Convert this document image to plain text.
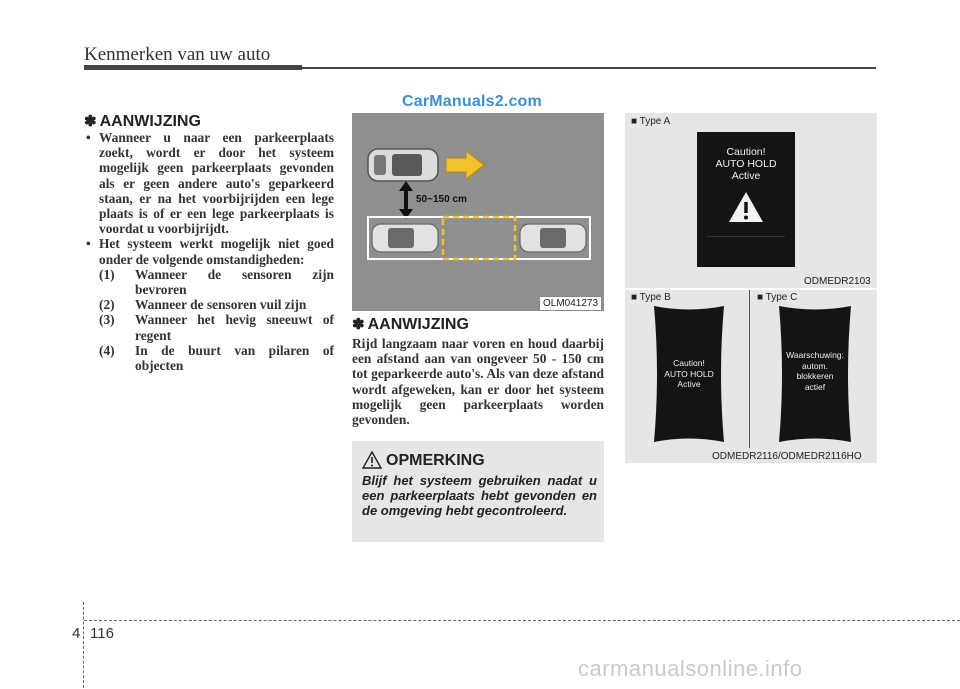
Kenmerken van uw auto
CarManuals2.com
✽ AANWIJZING
• Wanneer u naar een parkeerplaats zoekt, wordt er door het systeem mogelijk geen parkeerplaats gevonden als er geen andere auto's geparkeerd staan, er na het voorbijrijden een lege plaats is of er een lege parkeerplaats is voordat u voorbijrijdt.
• Het systeem werkt mogelijk niet goed onder de volgende omstandigheden:
(1) Wanneer de sensoren zijn bevroren
(2) Wanneer de sensoren vuil zijn
(3) Wanneer het hevig sneeuwt of regent
(4) In de buurt van pilaren of objecten
50~150 cm
OLM041273
✽ AANWIJZING
Rijd langzaam naar voren en houd daarbij een afstand aan van ongeveer 50 - 150 cm tot geparkeerde auto's. Als van deze afstand wordt afgeweken, kan er door het systeem mogelijk geen parkeerplaats worden gevonden.
OPMERKING
Blijf het systeem gebruiken nadat u een parkeerplaats hebt gevonden en de omgeving hebt gecontroleerd.
■ Type A
Caution!
AUTO HOLD
Active
ODMEDR2103
■ Type B	■ Type C
Caution!
AUTO HOLD
Active
Waarschuwing:
autom.
blokkeren
actief
ODMEDR2116/ODMEDR2116HO
4 116
carmanualsonline.info
